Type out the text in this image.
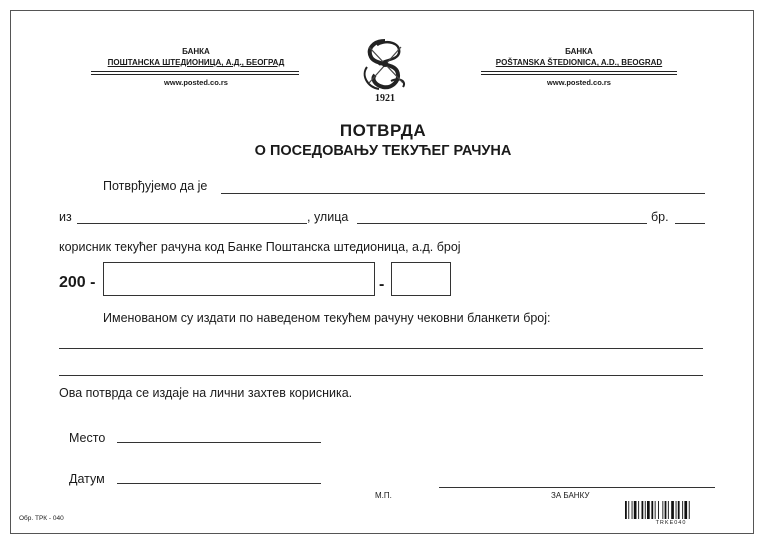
БАНКА
ПОШТАНСКА ШТЕДИОНИЦА, А.Д., БЕОГРАД
www.posted.co.rs
1921
БАНКА
POŠTANSKA ŠTEDIONICA, A.D., BEOGRAD
www.posted.co.rs
ПОТВРДА
О ПОСЕДОВАЊУ ТЕКУЋЕГ РАЧУНА
Потврђујемо да је
из	, улица	бр.
корисник текућег рачуна код Банке Поштанска штедионица, а.д. број
200 -	-
Именованом су издати по наведеном текућем рачуну чековни бланкети број:
Ова потврда се издаје на лични захтев корисника.
Место
Датум
М.П.	ЗА БАНКУ
Обр. ТРК - 040
TRKE040
